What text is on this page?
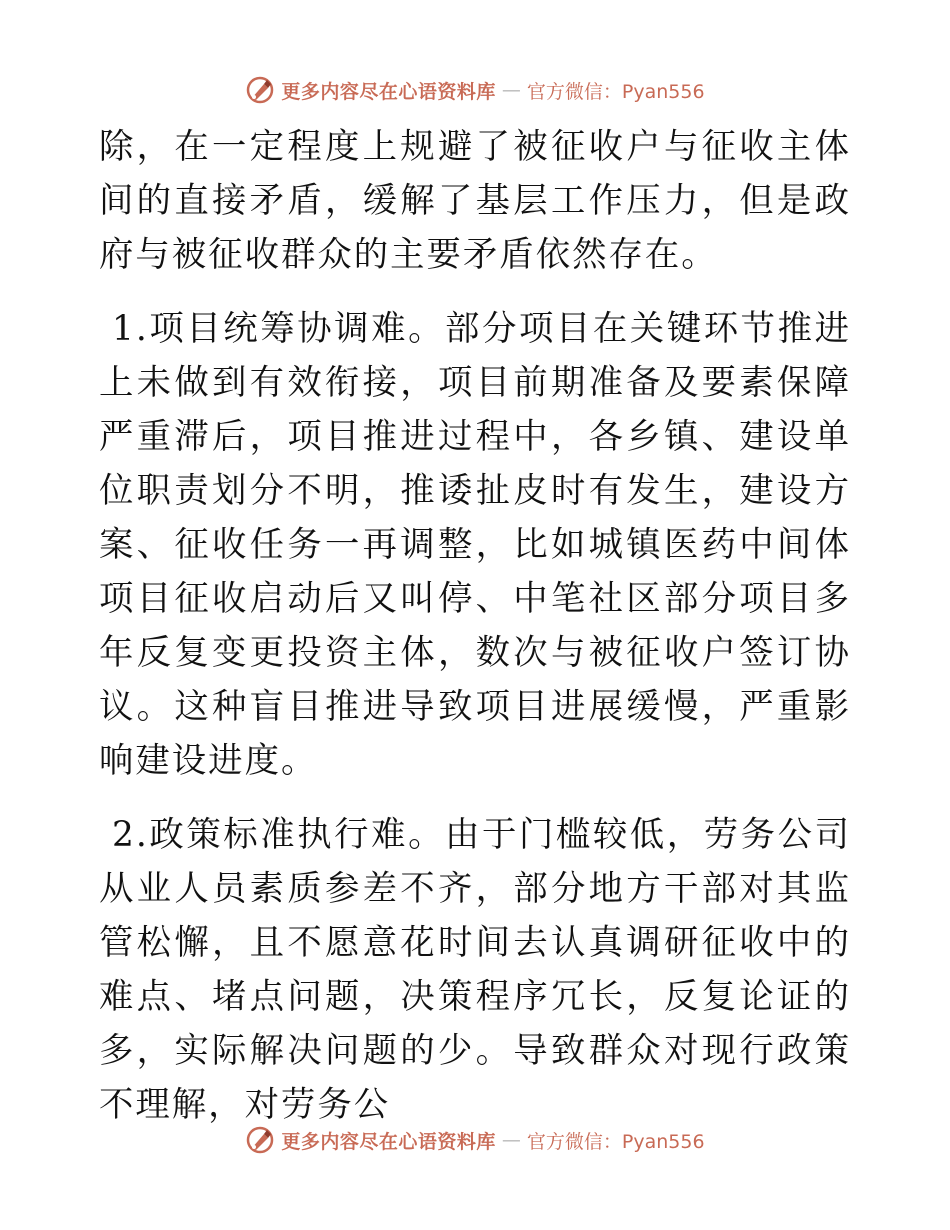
更多内容尽在心语资料库 — 官方微信：Pyan556

除，在一定程度上规避了被征收户与征收主体间的直接矛盾，缓解了基层工作压力，但是政府与被征收群众的主要矛盾依然存在。

1.项目统筹协调难。部分项目在关键环节推进上未做到有效衔接，项目前期准备及要素保障严重滞后，项目推进过程中，各乡镇、建设单位职责划分不明，推诿扯皮时有发生，建设方案、征收任务一再调整，比如城镇医药中间体项目征收启动后又叫停、中笔社区部分项目多年反复变更投资主体，数次与被征收户签订协议。这种盲目推进导致项目进展缓慢，严重影响建设进度。

2.政策标准执行难。由于门槛较低，劳务公司从业人员素质参差不齐，部分地方干部对其监管松懈，且不愿意花时间去认真调研征收中的难点、堵点问题，决策程序冗长，反复论证的多，实际解决问题的少。导致群众对现行政策不理解，对劳务公

更多内容尽在心语资料库 — 官方微信：Pyan556
